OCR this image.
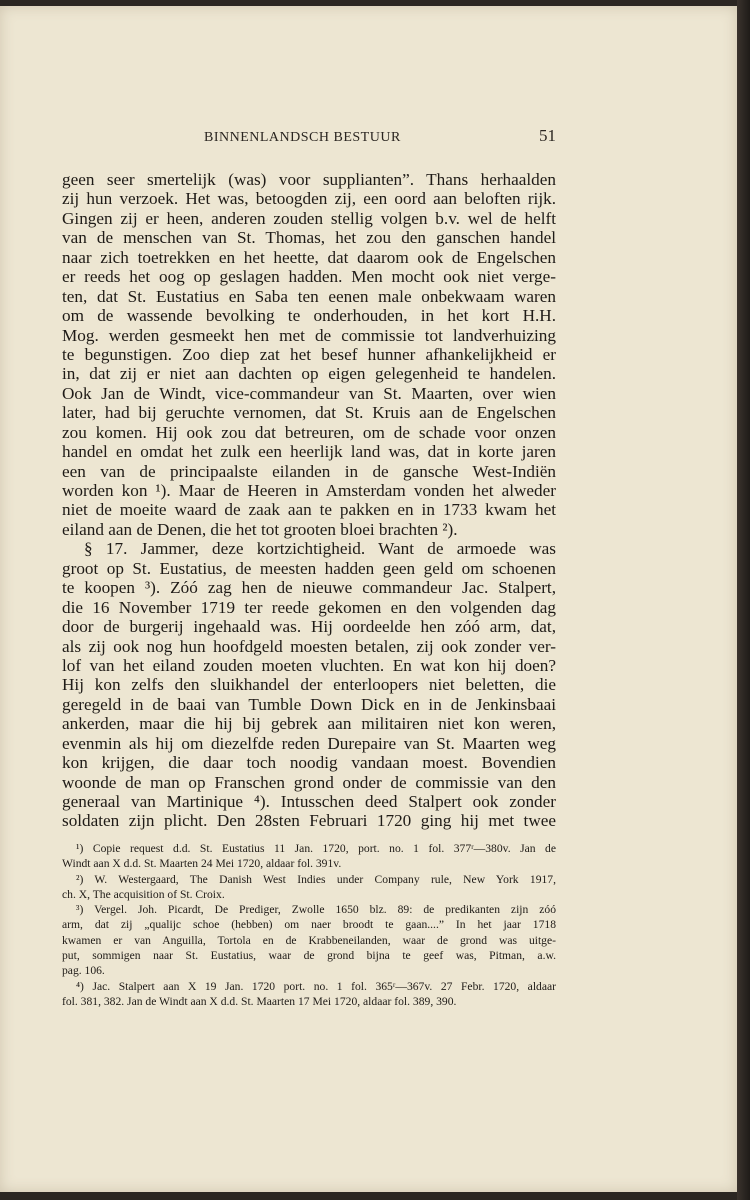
BINNENLANDSCH BESTUUR	51
geen seer smertelijk (was) voor supplianten”. Thans herhaalden
zij hun verzoek. Het was, betoogden zij, een oord aan beloften rijk.
Gingen zij er heen, anderen zouden stellig volgen b.v. wel de helft
van de menschen van St. Thomas, het zou den ganschen handel
naar zich toetrekken en het heette, dat daarom ook de Engelschen
er reeds het oog op geslagen hadden. Men mocht ook niet verge-
ten, dat St. Eustatius en Saba ten eenen male onbekwaam waren
om de wassende bevolking te onderhouden, in het kort H.H.
Mog. werden gesmeekt hen met de commissie tot landverhuizing
te begunstigen. Zoo diep zat het besef hunner afhankelijkheid er
in, dat zij er niet aan dachten op eigen gelegenheid te handelen.
Ook Jan de Windt, vice-commandeur van St. Maarten, over wien
later, had bij geruchte vernomen, dat St. Kruis aan de Engelschen
zou komen. Hij ook zou dat betreuren, om de schade voor onzen
handel en omdat het zulk een heerlijk land was, dat in korte jaren
een van de principaalste eilanden in de gansche West-Indiën
worden kon ¹). Maar de Heeren in Amsterdam vonden het alweder
niet de moeite waard de zaak aan te pakken en in 1733 kwam het
eiland aan de Denen, die het tot grooten bloei brachten ²).
§ 17. Jammer, deze kortzichtigheid. Want de armoede was
groot op St. Eustatius, de meesten hadden geen geld om schoenen
te koopen ³). Zóó zag hen de nieuwe commandeur Jac. Stalpert,
die 16 November 1719 ter reede gekomen en den volgenden dag
door de burgerij ingehaald was. Hij oordeelde hen zóó arm, dat,
als zij ook nog hun hoofdgeld moesten betalen, zij ook zonder ver-
lof van het eiland zouden moeten vluchten. En wat kon hij doen?
Hij kon zelfs den sluikhandel der enterloopers niet beletten, die
geregeld in de baai van Tumble Down Dick en in de Jenkinsbaai
ankerden, maar die hij bij gebrek aan militairen niet kon weren,
evenmin als hij om diezelfde reden Durepaire van St. Maarten weg
kon krijgen, die daar toch noodig vandaan moest. Bovendien
woonde de man op Franschen grond onder de commissie van den
generaal van Martinique ⁴). Intusschen deed Stalpert ook zonder
soldaten zijn plicht. Den 28sten Februari 1720 ging hij met twee
¹) Copie request d.d. St. Eustatius 11 Jan. 1720, port. no. 1 fol. 377ʳ—380v. Jan de
Windt aan X d.d. St. Maarten 24 Mei 1720, aldaar fol. 391v.
²) W. Westergaard, The Danish West Indies under Company rule, New York 1917,
ch. X, The acquisition of St. Croix.
³) Vergel. Joh. Picardt, De Prediger, Zwolle 1650 blz. 89: de predikanten zijn zóó
arm, dat zij „qualijc schoe (hebben) om naer broodt te gaan....” In het jaar 1718
kwamen er van Anguilla, Tortola en de Krabbeneilanden, waar de grond was uitge-
put, sommigen naar St. Eustatius, waar de grond bijna te geef was, Pitman, a.w.
pag. 106.
⁴) Jac. Stalpert aan X 19 Jan. 1720 port. no. 1 fol. 365ʳ—367v. 27 Febr. 1720, aldaar
fol. 381, 382. Jan de Windt aan X d.d. St. Maarten 17 Mei 1720, aldaar fol. 389, 390.
